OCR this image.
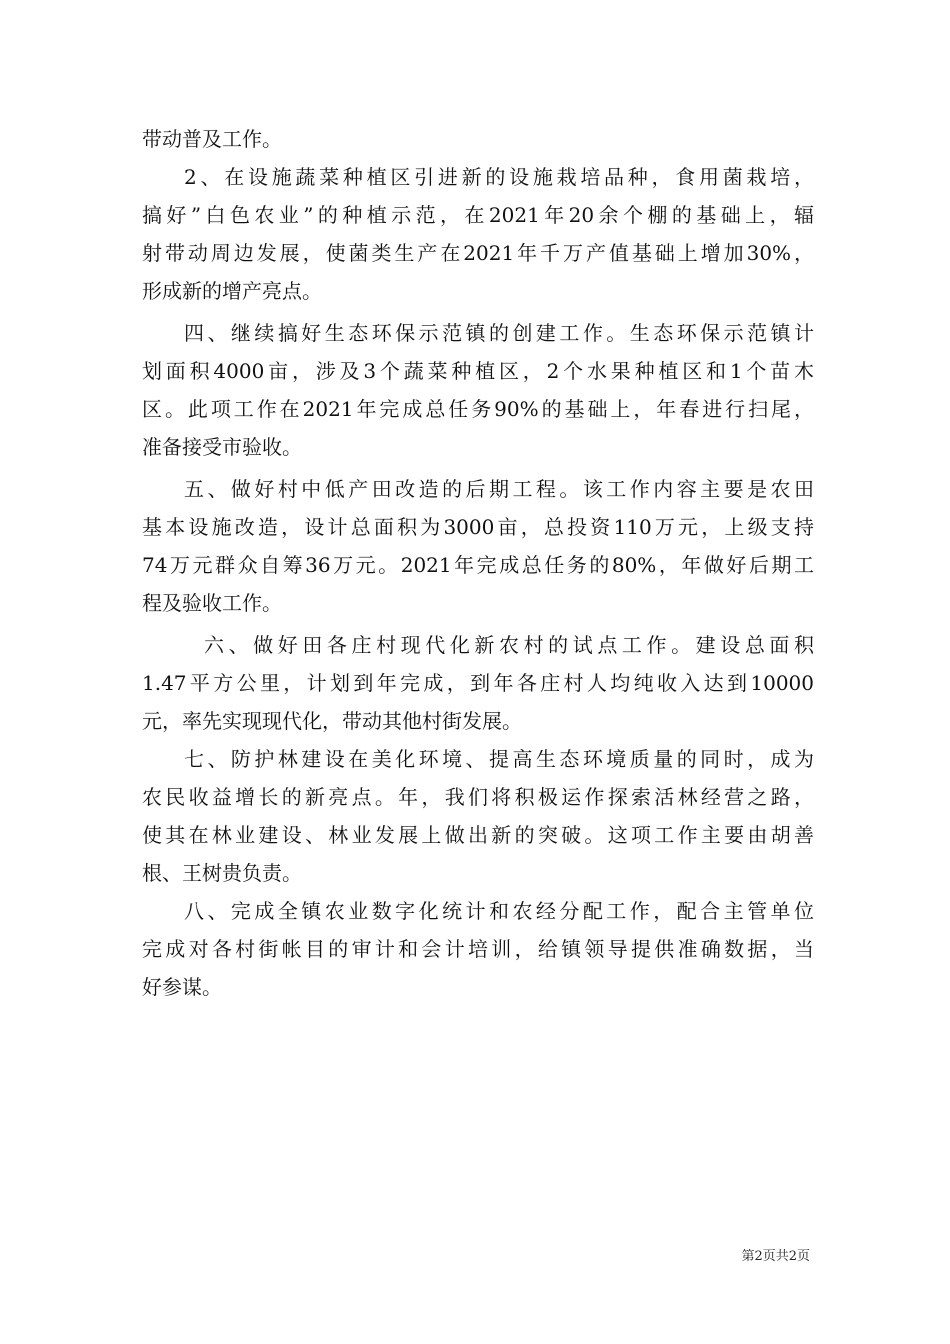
带动普及工作。
2、在设施蔬菜种植区引进新的设施栽培品种，食用菌栽培，
搞好”白色农业”的种植示范，在2021年20余个棚的基础上，辐
射带动周边发展，使菌类生产在2021年千万产值基础上增加30%，
形成新的增产亮点。
四、继续搞好生态环保示范镇的创建工作。生态环保示范镇计
划面积4000亩，涉及3个蔬菜种植区，2个水果种植区和1个苗木
区。此项工作在2021年完成总任务90%的基础上，年春进行扫尾，
准备接受市验收。
五、做好村中低产田改造的后期工程。该工作内容主要是农田
基本设施改造，设计总面积为3000亩，总投资110万元，上级支持
74万元群众自筹36万元。2021年完成总任务的80%，年做好后期工
程及验收工作。
六、做好田各庄村现代化新农村的试点工作。建设总面积
1.47平方公里，计划到年完成，到年各庄村人均纯收入达到10000
元，率先实现现代化，带动其他村街发展。
七、防护林建设在美化环境、提高生态环境质量的同时，成为
农民收益增长的新亮点。年，我们将积极运作探索活林经营之路，
使其在林业建设、林业发展上做出新的突破。这项工作主要由胡善
根、王树贵负责。
八、完成全镇农业数字化统计和农经分配工作，配合主管单位
完成对各村街帐目的审计和会计培训，给镇领导提供准确数据，当
好参谋。
第2页共2页
